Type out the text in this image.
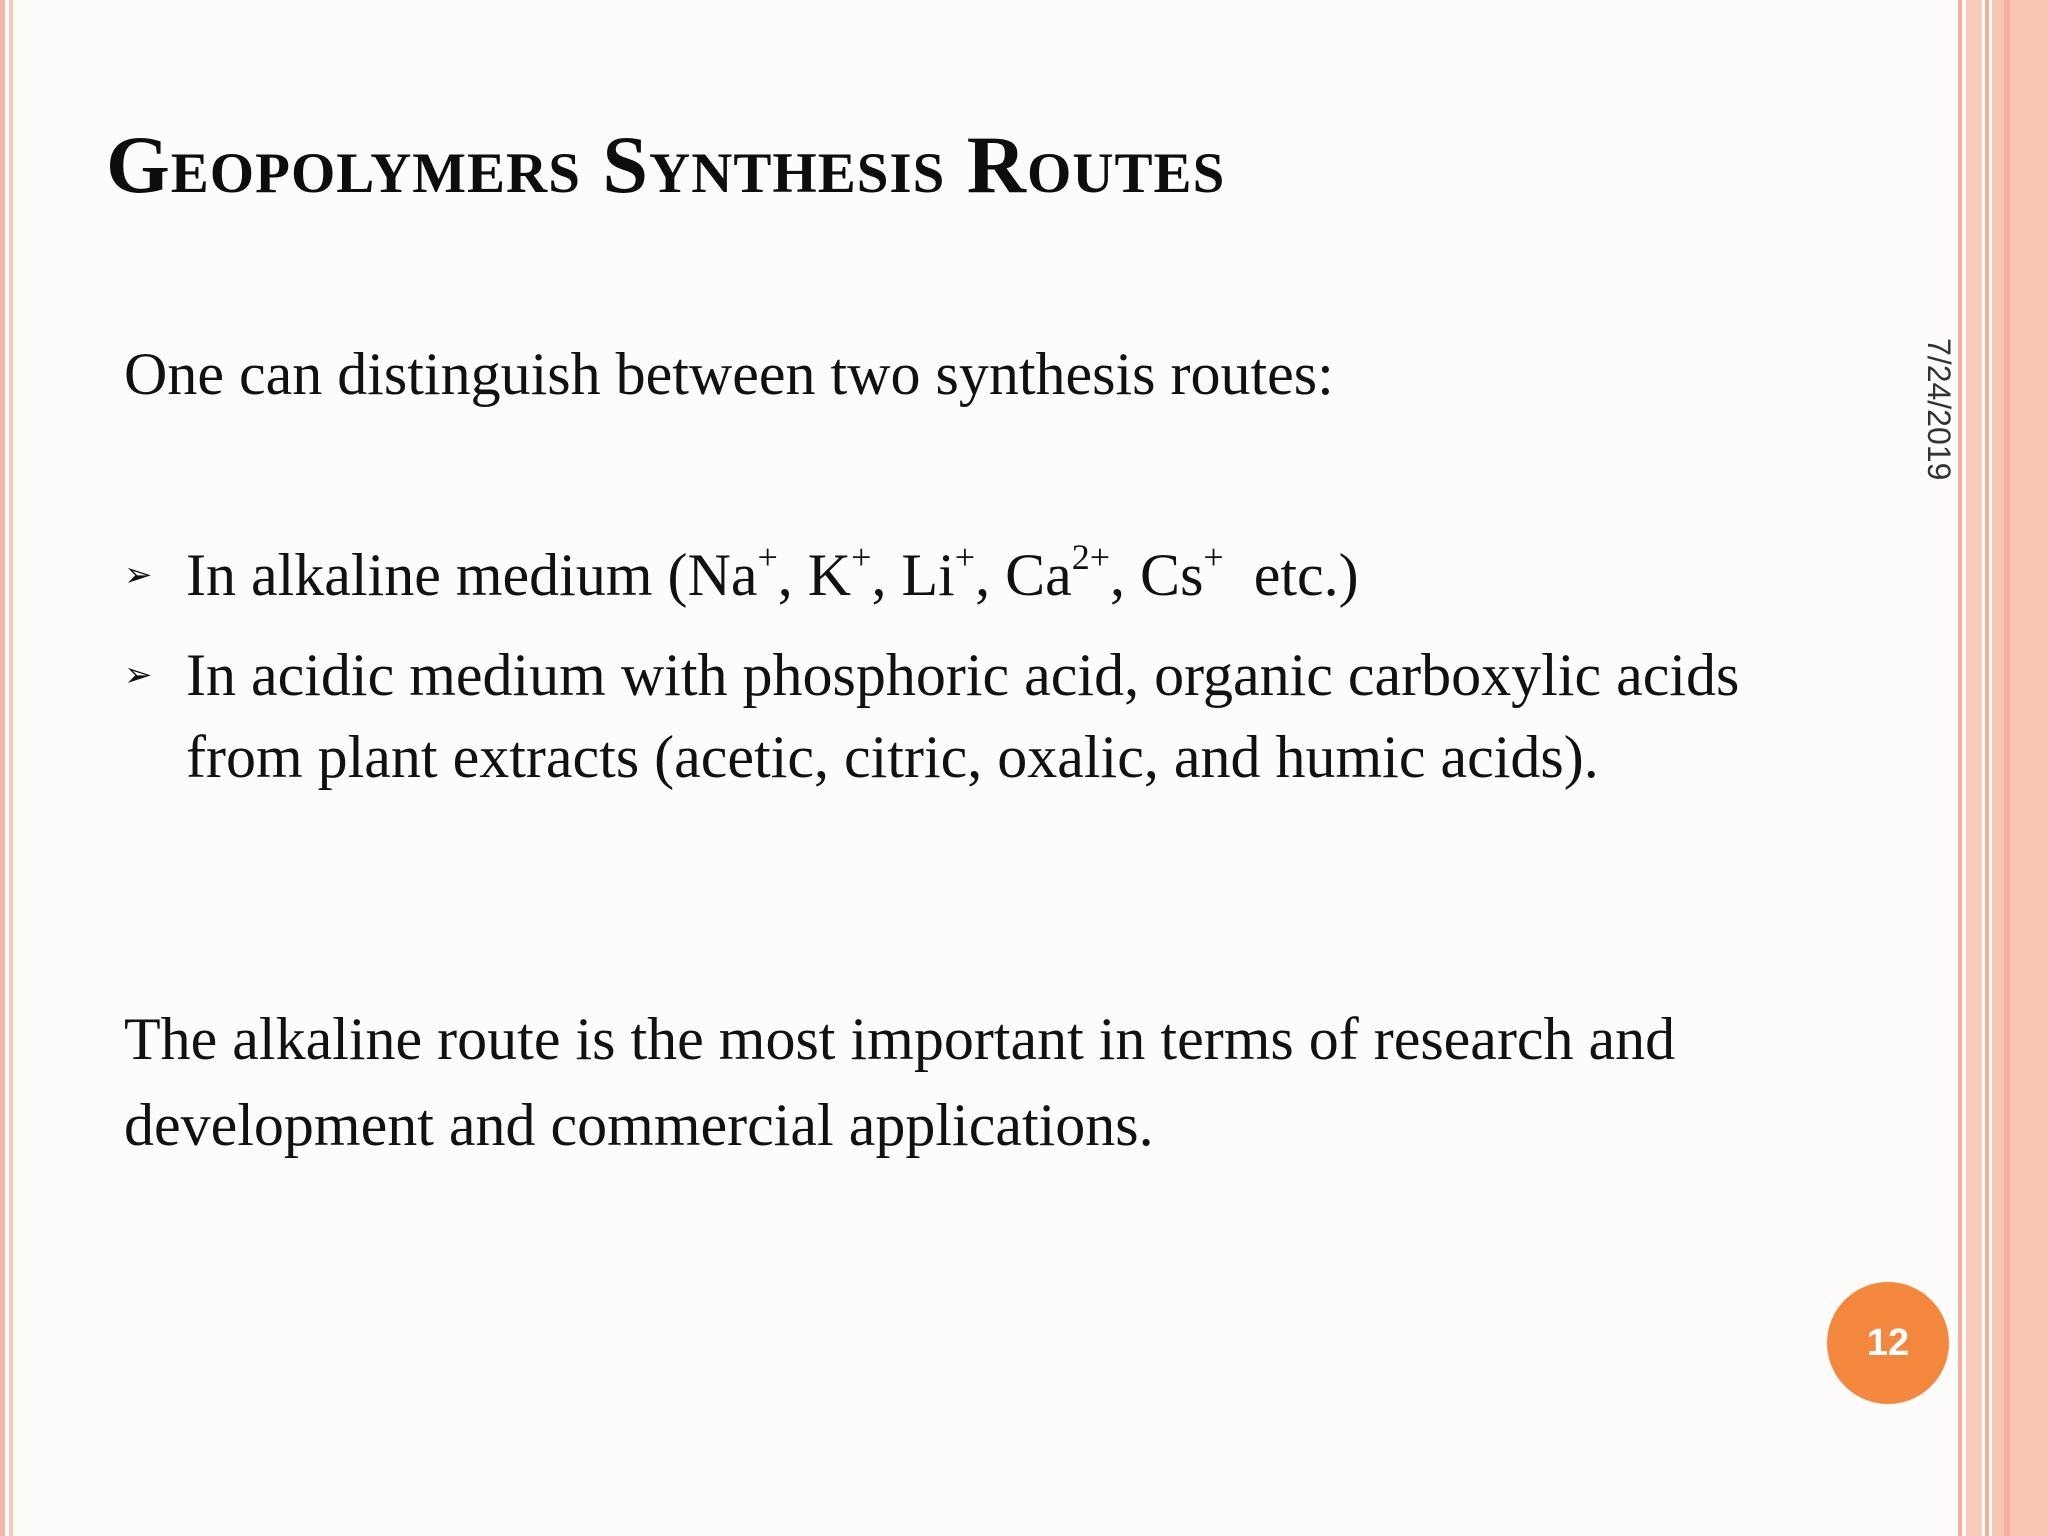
Geopolymers Synthesis Routes
7/24/2019
One can distinguish between two synthesis routes:
➢ In alkaline medium (Na+, K+, Li+, $Ca^{2+}$, Cs+  etc.)
➢ In acidic medium with phosphoric acid, organic carboxylic acids from plant extracts (acetic, citric, oxalic, and humic acids).
The alkaline route is the most important in terms of research and development and commercial applications.
12
